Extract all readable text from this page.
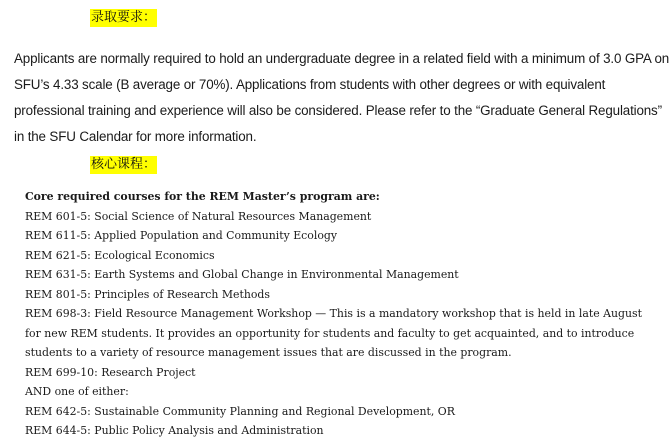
录取要求：

Applicants are normally required to hold an undergraduate degree in a related field with a minimum of 3.0 GPA on SFU’s 4.33 scale (B average or 70%). Applications from students with other degrees or with equivalent professional training and experience will also be considered. Please refer to the “Graduate General Regulations” in the SFU Calendar for more information.

核心课程：
Core required courses for the REM Master’s program are:
REM 601-5: Social Science of Natural Resources Management
REM 611-5: Applied Population and Community Ecology
REM 621-5: Ecological Economics
REM 631-5: Earth Systems and Global Change in Environmental Management
REM 801-5: Principles of Research Methods
REM 698-3: Field Resource Management Workshop — This is a mandatory workshop that is held in late August
for new REM students. It provides an opportunity for students and faculty to get acquainted, and to introduce
students to a variety of resource management issues that are discussed in the program.
REM 699-10: Research Project
AND one of either:
REM 642-5: Sustainable Community Planning and Regional Development, OR
REM 644-5: Public Policy Analysis and Administration
